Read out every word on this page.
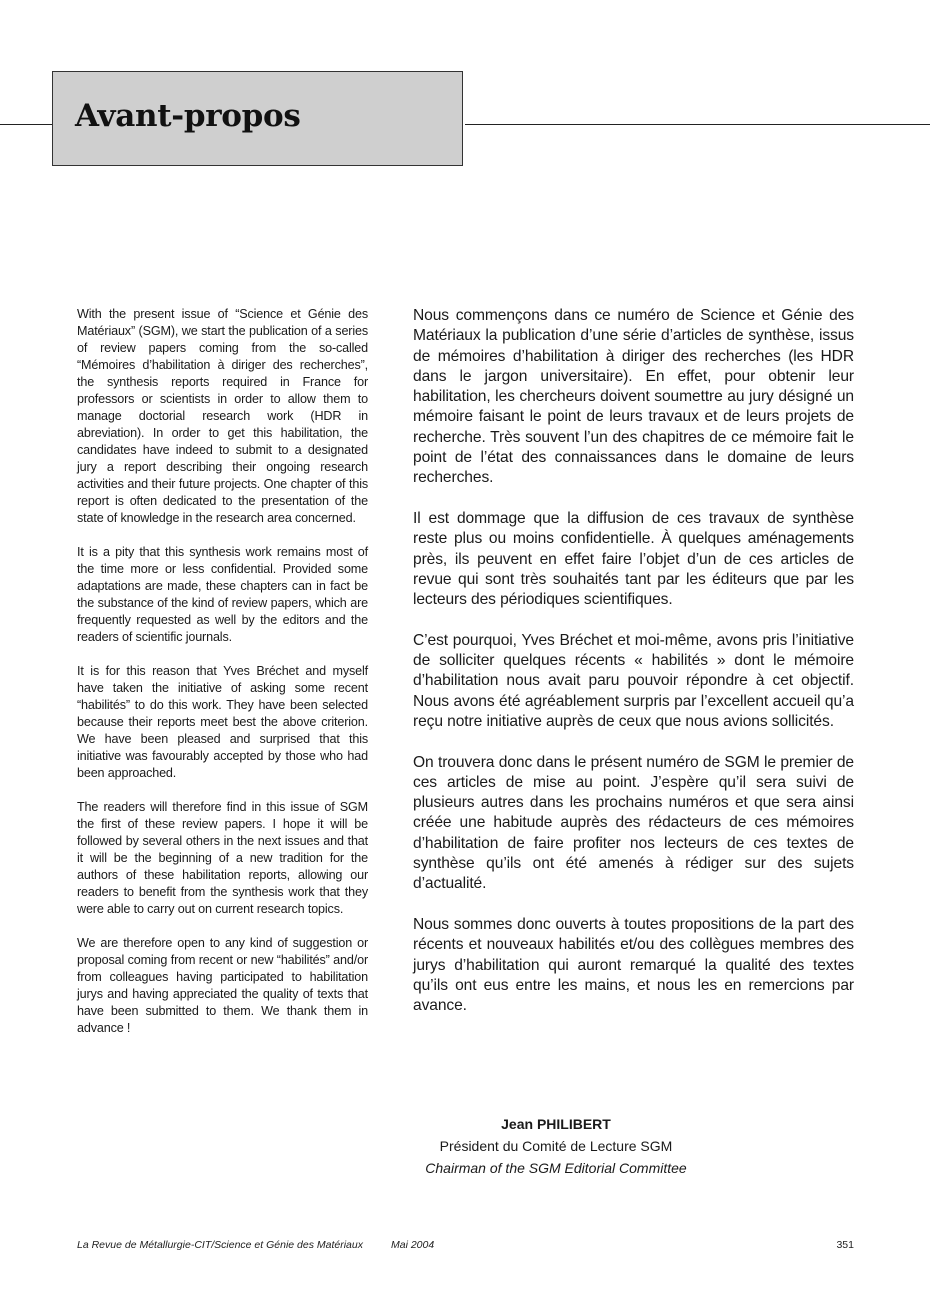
Avant-propos

With the present issue of “Science et Génie des Matériaux” (SGM), we start the publication of a series of review papers coming from the so-called “Mémoires d’habilitation à diriger des recherches”, the synthesis reports required in France for professors or scientists in order to allow them to manage doctorial research work (HDR in abreviation). In order to get this habilitation, the candidates have indeed to submit to a designated jury a report describing their ongoing research activities and their future projects. One chapter of this report is often dedicated to the presentation of the state of knowledge in the research area concerned.

It is a pity that this synthesis work remains most of the time more or less confidential. Provided some adaptations are made, these chapters can in fact be the substance of the kind of review papers, which are frequently requested as well by the editors and the readers of scientific journals.

It is for this reason that Yves Bréchet and myself have taken the initiative of asking some recent “habilités” to do this work. They have been selected because their reports meet best the above criterion. We have been pleased and surprised that this initiative was favourably accepted by those who had been approached.

The readers will therefore find in this issue of SGM the first of these review papers. I hope it will be followed by several others in the next issues and that it will be the beginning of a new tradition for the authors of these habilitation reports, allowing our readers to benefit from the synthesis work that they were able to carry out on current research topics.

We are therefore open to any kind of suggestion or proposal coming from recent or new “habilités” and/or from colleagues having participated to habilitation jurys and having appreciated the quality of texts that have been submitted to them. We thank them in advance !

Nous commençons dans ce numéro de Science et Génie des Matériaux la publication d’une série d’articles de synthèse, issus de mémoires d’habilitation à diriger des recherches (les HDR dans le jargon universitaire). En effet, pour obtenir leur habilitation, les chercheurs doivent soumettre au jury désigné un mémoire faisant le point de leurs travaux et de leurs projets de recherche. Très souvent l’un des chapitres de ce mémoire fait le point de l’état des connaissances dans le domaine de leurs recherches.

Il est dommage que la diffusion de ces travaux de synthèse reste plus ou moins confidentielle. À quelques aménagements près, ils peuvent en effet faire l’objet d’un de ces articles de revue qui sont très souhaités tant par les éditeurs que par les lecteurs des périodiques scientifiques.

C’est pourquoi, Yves Bréchet et moi-même, avons pris l’initiative de solliciter quelques récents « habilités » dont le mémoire d’habilitation nous avait paru pouvoir répondre à cet objectif. Nous avons été agréablement surpris par l’excellent accueil qu’a reçu notre initiative auprès de ceux que nous avions sollicités.

On trouvera donc dans le présent numéro de SGM le premier de ces articles de mise au point. J’espère qu’il sera suivi de plusieurs autres dans les prochains numéros et que sera ainsi créée une habitude auprès des rédacteurs de ces mémoires d’habilitation de faire profiter nos lecteurs de ces textes de synthèse qu’ils ont été amenés à rédiger sur des sujets d’actualité.

Nous sommes donc ouverts à toutes propositions de la part des récents et nouveaux habilités et/ou des collègues membres des jurys d’habilitation qui auront remarqué la qualité des textes qu’ils ont eus entre les mains, et nous les en remercions par avance.

Jean PHILIBERT
Président du Comité de Lecture SGM
Chairman of the SGM Editorial Committee
La Revue de Métallurgie-CIT/Science et Génie des Matériaux	Mai 2004	351
